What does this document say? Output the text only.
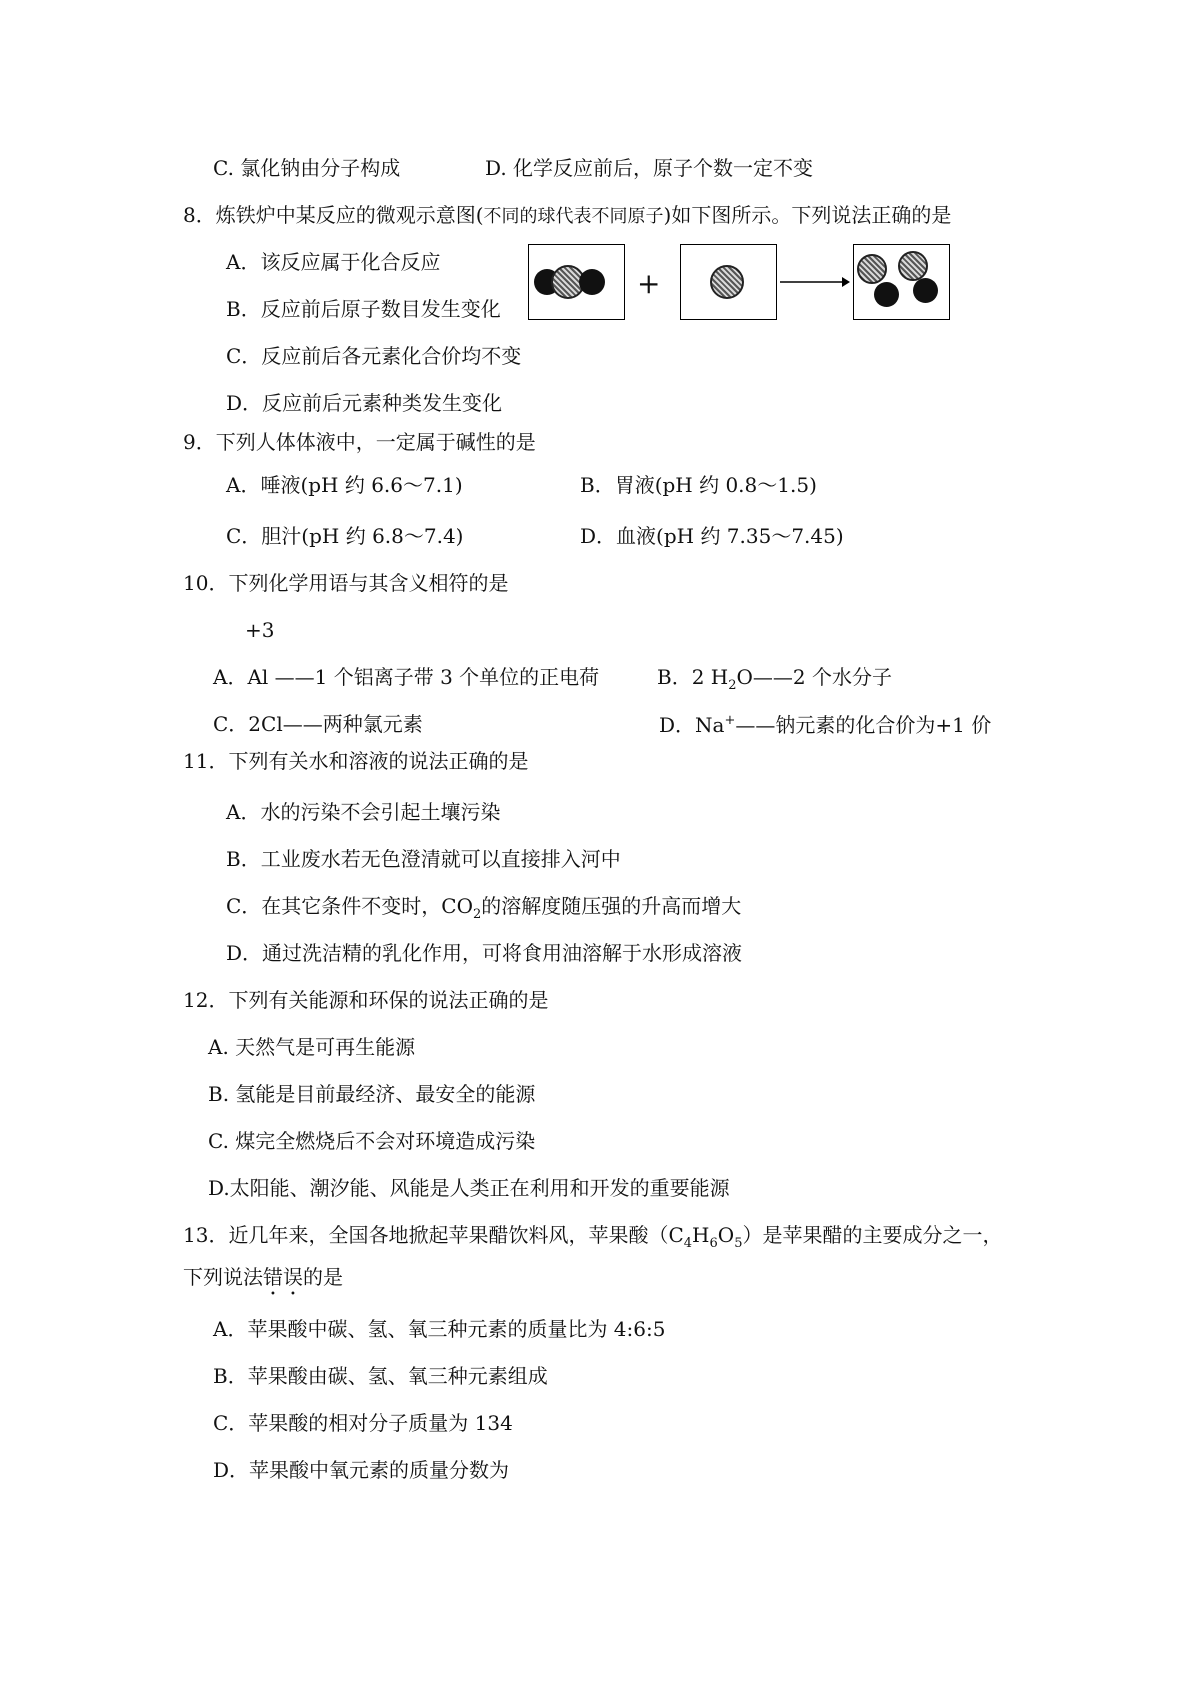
C. 氯化钠由分子构成	D. 化学反应前后，原子个数一定不变
8．炼铁炉中某反应的微观示意图(不同的球代表不同原子)如下图所示。下列说法正确的是
A．该反应属于化合反应
B．反应前后原子数目发生变化
C．反应前后各元素化合价均不变
D．反应前后元素种类发生变化
+
9．下列人体体液中，一定属于碱性的是
A．唾液(pH 约 6.6～7.1)	B．胃液(pH 约 0.8～1.5)
C．胆汁(pH 约 6.8～7.4)	D．血液(pH 约 7.35～7.45)
10．下列化学用语与其含义相符的是
+3
A．Al ——1 个铝离子带 3 个单位的正电荷	B．2 $H_2O——2$ 个水分子
C．2Cl——两种氯元素	D．Na+——钠元素的化合价为+1 价
11．下列有关水和溶液的说法正确的是
A．水的污染不会引起土壤污染
B．工业废水若无色澄清就可以直接排入河中
C．在其它条件不变时，$CO_2$的溶解度随压强的升高而增大
D．通过洗洁精的乳化作用，可将食用油溶解于水形成溶液
12．下列有关能源和环保的说法正确的是
A. 天然气是可再生能源
B. 氢能是目前最经济、最安全的能源
C. 煤完全燃烧后不会对环境造成污染
D.太阳能、潮汐能、风能是人类正在利用和开发的重要能源
13．近几年来，全国各地掀起苹果醋饮料风，苹果酸$(C_4H_6O_5)$是苹果醋的主要成分之一，
下列说法错误的是
A．苹果酸中碳、氢、氧三种元素的质量比为 4:6:5
B．苹果酸由碳、氢、氧三种元素组成
C．苹果酸的相对分子质量为 134
D．苹果酸中氧元素的质量分数为
